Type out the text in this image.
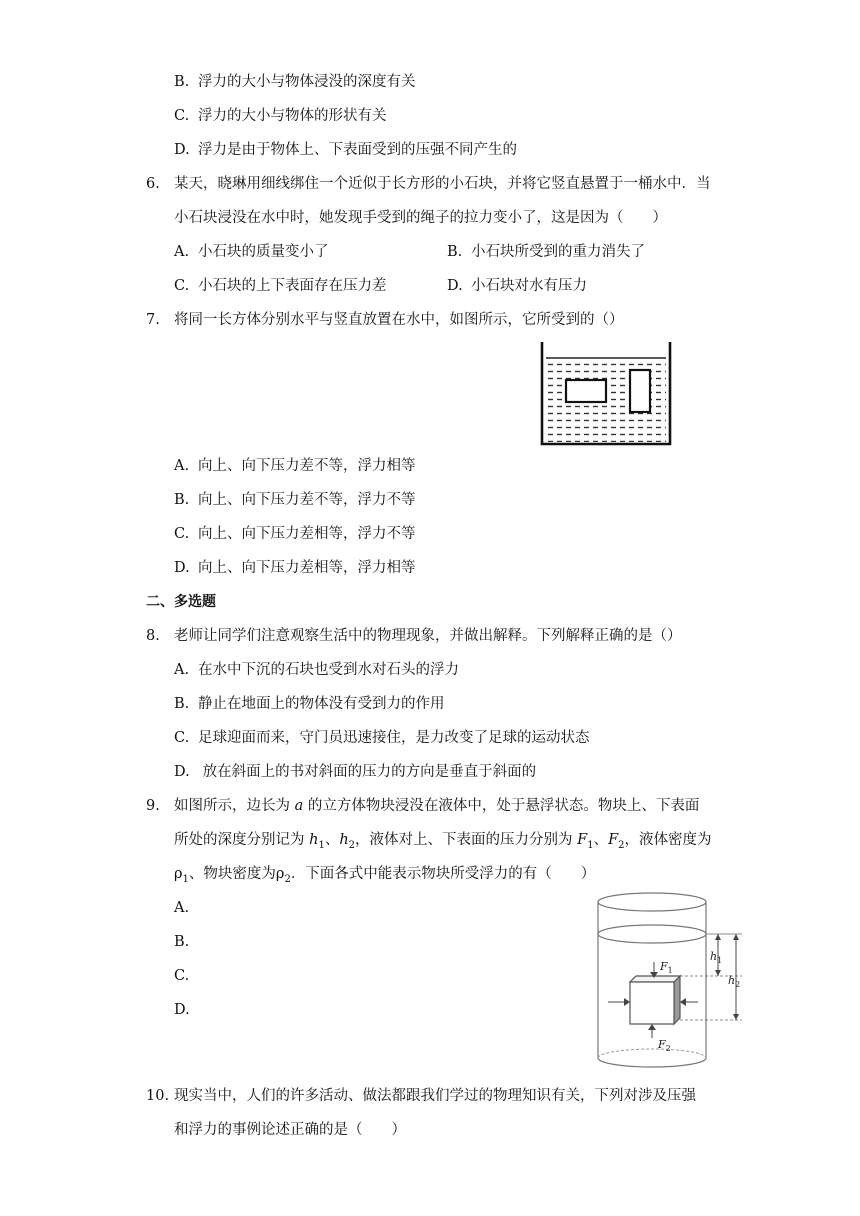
B. 浮力的大小与物体浸没的深度有关
C. 浮力的大小与物体的形状有关
D. 浮力是由于物体上、下表面受到的压强不同产生的
6. 某天，晓琳用细线绑住一个近似于长方形的小石块，并将它竖直悬置于一桶水中．当
小石块浸没在水中时，她发现手受到的绳子的拉力变小了，这是因为（　　）
A. 小石块的质量变小了	B. 小石块所受到的重力消失了
C. 小石块的上下表面存在压力差	D. 小石块对水有压力
7. 将同一长方体分别水平与竖直放置在水中，如图所示，它所受到的（）
A. 向上、向下压力差不等，浮力相等
B. 向上、向下压力差不等，浮力不等
C. 向上、向下压力差相等，浮力不等
D. 向上、向下压力差相等，浮力相等
二、多选题
8. 老师让同学们注意观察生活中的物理现象，并做出解释。下列解释正确的是（）
A. 在水中下沉的石块也受到水对石头的浮力
B. 静止在地面上的物体没有受到力的作用
C. 足球迎面而来，守门员迅速接住，是力改变了足球的运动状态
D. 放在斜面上的书对斜面的压力的方向是垂直于斜面的
9. 如图所示，边长为 a 的立方体物块浸没在液体中，处于悬浮状态。物块上、下表面
所处的深度分别记为 $h_1$、$h_2$，液体对上、下表面的压力分别为 $F_1$、$F_2$，液体密度为
$\rho_1$、物块密度为$\rho_2$．下面各式中能表示物块所受浮力的有（　　）
A.
B.
C.
D.
$F_1$
$F_2$
$h_1$
$h_2$
10. 现实当中，人们的许多活动、做法都跟我们学过的物理知识有关，下列对涉及压强
和浮力的事例论述正确的是（　　）
